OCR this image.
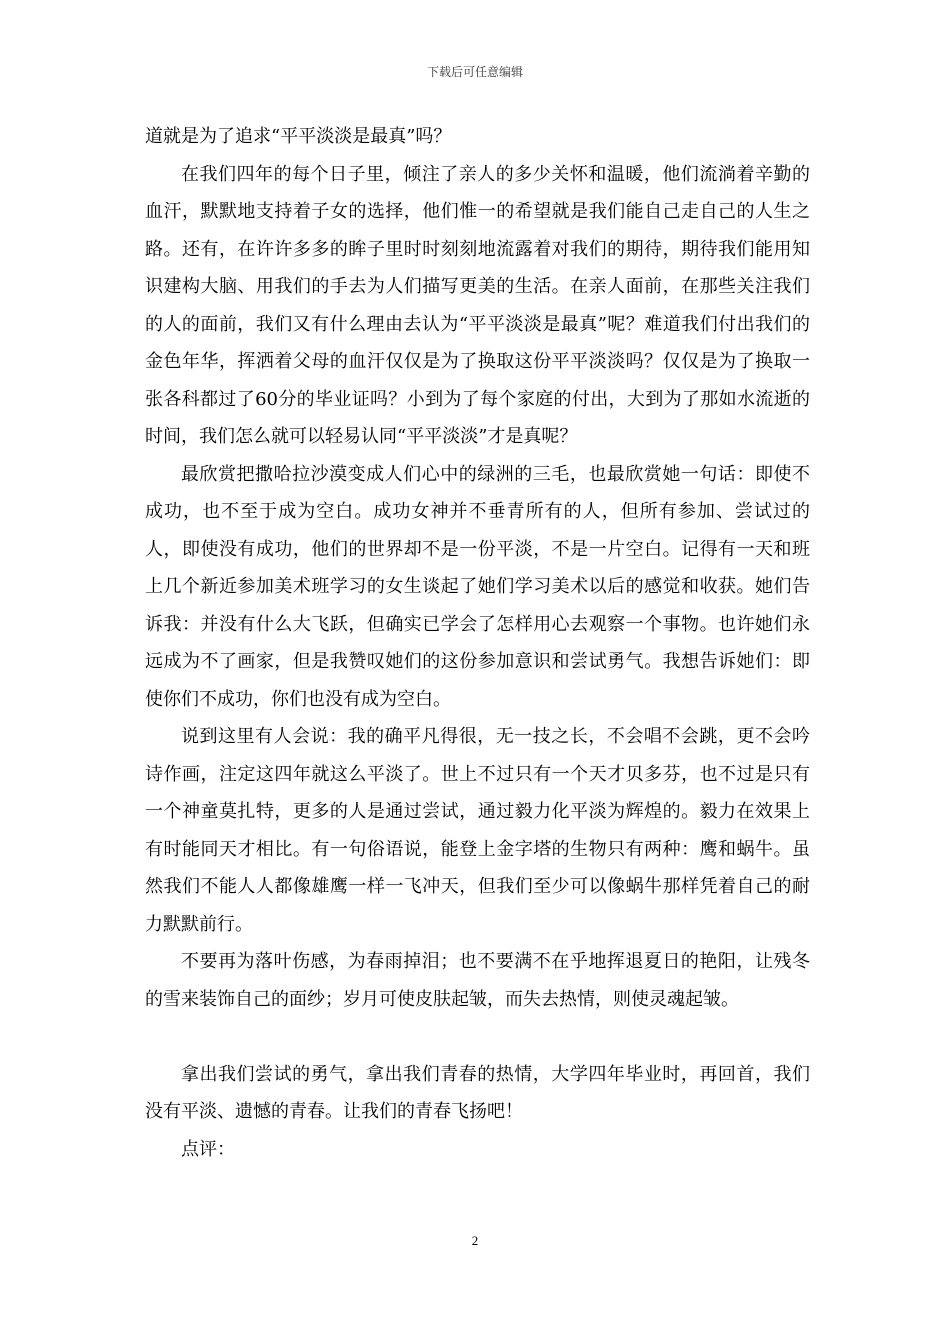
下载后可任意编辑

道就是为了追求“平平淡淡是最真”吗？

在我们四年的每个日子里，倾注了亲人的多少关怀和温暖，他们流淌着辛勤的血汗，默默地支持着子女的选择，他们惟一的希望就是我们能自己走自己的人生之路。还有，在许许多多的眸子里时时刻刻地流露着对我们的期待，期待我们能用知识建构大脑、用我们的手去为人们描写更美的生活。在亲人面前，在那些关注我们的人的面前，我们又有什么理由去认为“平平淡淡是最真”呢？难道我们付出我们的金色年华，挥洒着父母的血汗仅仅是为了换取这份平平淡淡吗？仅仅是为了换取一张各科都过了60分的毕业证吗？小到为了每个家庭的付出，大到为了那如水流逝的时间，我们怎么就可以轻易认同“平平淡淡”才是真呢？

最欣赏把撒哈拉沙漠变成人们心中的绿洲的三毛，也最欣赏她一句话：即使不成功，也不至于成为空白。成功女神并不垂青所有的人，但所有参加、尝试过的人，即使没有成功，他们的世界却不是一份平淡，不是一片空白。记得有一天和班上几个新近参加美术班学习的女生谈起了她们学习美术以后的感觉和收获。她们告诉我：并没有什么大飞跃，但确实已学会了怎样用心去观察一个事物。也许她们永远成为不了画家，但是我赞叹她们的这份参加意识和尝试勇气。我想告诉她们：即使你们不成功，你们也没有成为空白。

说到这里有人会说：我的确平凡得很，无一技之长，不会唱不会跳，更不会吟诗作画，注定这四年就这么平淡了。世上不过只有一个天才贝多芬，也不过是只有一个神童莫扎特，更多的人是通过尝试，通过毅力化平淡为辉煌的。毅力在效果上有时能同天才相比。有一句俗语说，能登上金字塔的生物只有两种：鹰和蜗牛。虽然我们不能人人都像雄鹰一样一飞冲天，但我们至少可以像蜗牛那样凭着自己的耐力默默前行。

不要再为落叶伤感，为春雨掉泪；也不要满不在乎地挥退夏日的艳阳，让残冬的雪来装饰自己的面纱；岁月可使皮肤起皱，而失去热情，则使灵魂起皱。

拿出我们尝试的勇气，拿出我们青春的热情，大学四年毕业时，再回首，我们没有平淡、遗憾的青春。让我们的青春飞扬吧！

点评：

2
